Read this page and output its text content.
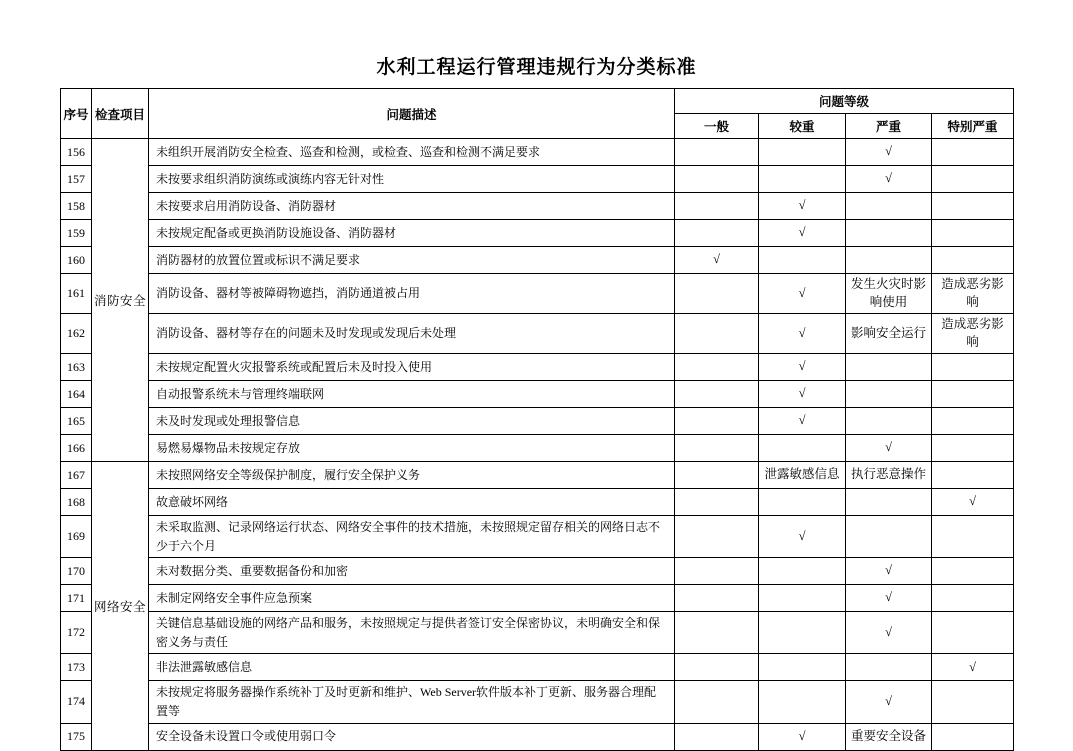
水利工程运行管理违规行为分类标准
序号	检查项目	问题描述	问题等级			
			一般	较重	严重	特别严重
156	消防安全	未组织开展消防安全检查、巡查和检测，或检查、巡查和检测不满足要求			√	
157		未按要求组织消防演练或演练内容无针对性			√	
158		未按要求启用消防设备、消防器材		√		
159		未按规定配备或更换消防设施设备、消防器材		√		
160		消防器材的放置位置或标识不满足要求	√			
161		消防设备、器材等被障碍物遮挡，消防通道被占用		√	发生火灾时影响使用	造成恶劣影响
162		消防设备、器材等存在的问题未及时发现或发现后未处理		√	影响安全运行	造成恶劣影响
163		未按规定配置火灾报警系统或配置后未及时投入使用		√		
164		自动报警系统未与管理终端联网		√		
165		未及时发现或处理报警信息		√		
166		易燃易爆物品未按规定存放			√	
167	网络安全	未按照网络安全等级保护制度，履行安全保护义务		泄露敏感信息	执行恶意操作	
168		故意破坏网络				√
169		未采取监测、记录网络运行状态、网络安全事件的技术措施，未按照规定留存相关的网络日志不少于六个月		√		
170		未对数据分类、重要数据备份和加密			√	
171		未制定网络安全事件应急预案			√	
172		关键信息基础设施的网络产品和服务，未按照规定与提供者签订安全保密协议，未明确安全和保密义务与责任			√	
173		非法泄露敏感信息				√
174		未按规定将服务器操作系统补丁及时更新和维护、Web Server软件版本补丁更新、服务器合理配置等			√	
175		安全设备未设置口令或使用弱口令		√	重要安全设备	
